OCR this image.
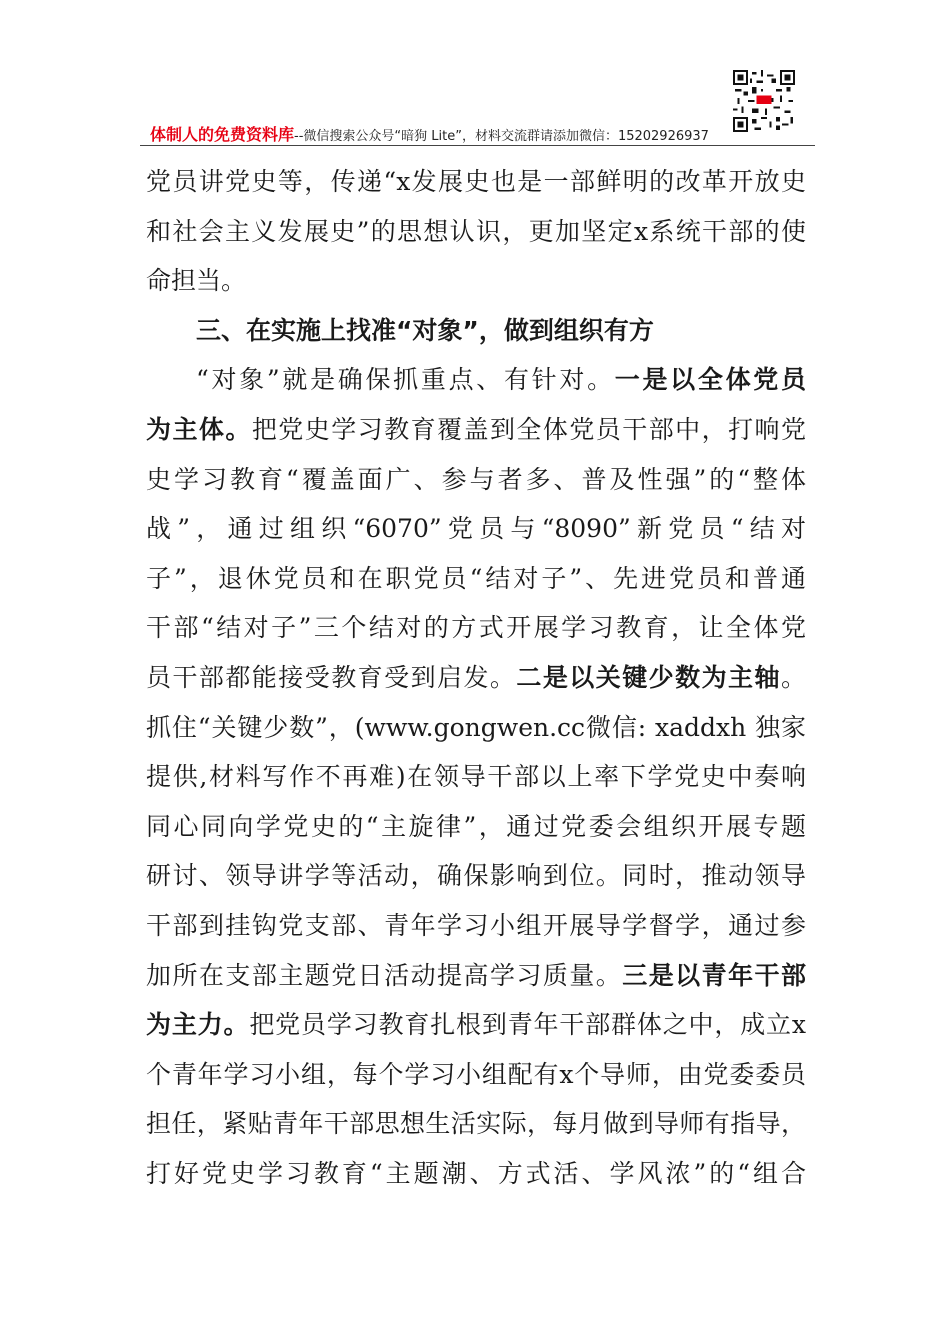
体制人的免费资料库--微信搜索公众号“暗狗 Lite”，材料交流群请添加微信：15202926937
党员讲党史等，传递“x发展史也是一部鲜明的改革开放史
和社会主义发展史”的思想认识，更加坚定x系统干部的使
命担当。
三、在实施上找准“对象”，做到组织有方
“对象”就是确保抓重点、有针对。一是以全体党员
为主体。把党史学习教育覆盖到全体党员干部中，打响党
史学习教育“覆盖面广、参与者多、普及性强”的“整体
战”，通过组织“6070”党员与“8090”新党员“结对
子”，退休党员和在职党员“结对子”、先进党员和普通
干部“结对子”三个结对的方式开展学习教育，让全体党
员干部都能接受教育受到启发。二是以关键少数为主轴。
抓住“关键少数”，(www.gongwen.cc微信: xaddxh 独家
提供,材料写作不再难)在领导干部以上率下学党史中奏响
同心同向学党史的“主旋律”，通过党委会组织开展专题
研讨、领导讲学等活动，确保影响到位。同时，推动领导
干部到挂钩党支部、青年学习小组开展导学督学，通过参
加所在支部主题党日活动提高学习质量。三是以青年干部
为主力。把党员学习教育扎根到青年干部群体之中，成立x
个青年学习小组，每个学习小组配有x个导师，由党委委员
担任，紧贴青年干部思想生活实际，每月做到导师有指导，
打好党史学习教育“主题潮、方式活、学风浓”的“组合
